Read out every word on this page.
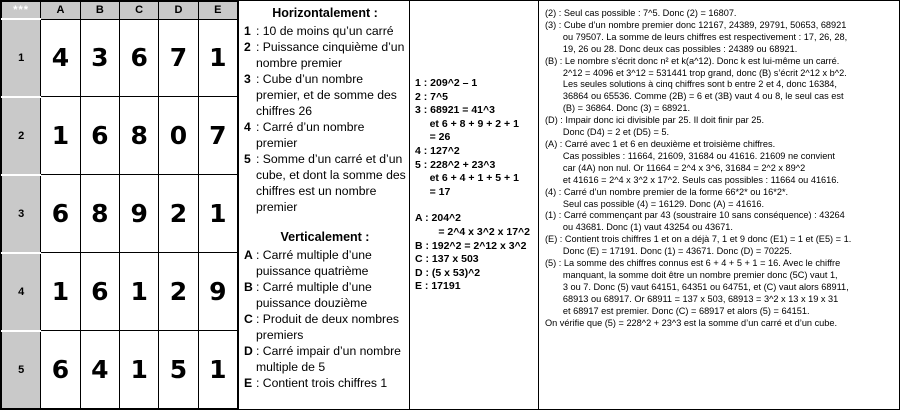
***	A	B	C	D	E
1	4	3	6	7	1
2	1	6	8	0	7
3	6	8	9	2	1
4	1	6	1	2	9
5	6	4	1	5	1
Horizontalement :
1 : 10 de moins qu’un carré
2 : Puissance cinquième d’un nombre premier
3 : Cube d’un nombre premier, et de somme des chiffres 26
4 : Carré d’un nombre premier
5 : Somme d’un carré et d’un cube, et dont la somme des chiffres est un nombre premier
Verticalement :
A : Carré multiple d’une puissance quatrième
B : Carré multiple d’une puissance douzième
C : Produit de deux nombres premiers
D : Carré impair d’un nombre multiple de 5
E : Contient trois chiffres 1
1 : 209^2 – 1
2 : 7^5
3 : 68921 = 41^3
et 6 + 8 + 9 + 2 + 1
= 26
4 : 127^2
5 : 228^2 + 23^3
et 6 + 4 + 1 + 5 + 1
= 17
A : 204^2
= 2^4 x 3^2 x 17^2
B : 192^2 = 2^12 x 3^2
C : 137 x 503
D : (5 x 53)^2
E : 17191
(2) : Seul cas possible : 7^5. Donc (2) = 16807.
(3) : Cube d’un nombre premier donc 12167, 24389, 29791, 50653, 68921
ou 79507. La somme de leurs chiffres est respectivement : 17, 26, 28,
19, 26 ou 28. Donc deux cas possibles : 24389 ou 68921.
(B) : Le nombre s’écrit donc n² et k(a^12). Donc k est lui-même un carré.
2^12 = 4096 et 3^12 = 531441 trop grand, donc (B) s’écrit 2^12 x b^2.
Les seules solutions à cinq chiffres sont b entre 2 et 4, donc 16384,
36864 ou 65536. Comme (2B) = 6 et (3B) vaut 4 ou 8, le seul cas est
(B) = 36864. Donc (3) = 68921.
(D) : Impair donc ici divisible par 25. Il doit finir par 25.
Donc (D4) = 2 et (D5) = 5.
(A) : Carré avec 1 et 6 en deuxième et troisième chiffres.
Cas possibles : 11664, 21609, 31684 ou 41616. 21609 ne convient
car (4A) non nul. Or 11664 = 2^4 x 3^6, 31684 = 2^2 x 89^2
et 41616 = 2^4 x 3^2 x 17^2. Seuls cas possibles : 11664 ou 41616.
(4) : Carré d’un nombre premier de la forme 66*2* ou 16*2*.
Seul cas possible (4) = 16129. Donc (A) = 41616.
(1) : Carré commençant par 43 (soustraire 10 sans conséquence) : 43264
ou 43681. Donc (1) vaut 43254 ou 43671.
(E) : Contient trois chiffres 1 et on a déjà 7, 1 et 9 donc (E1) = 1 et (E5) = 1.
Donc (E) = 17191. Donc (1) = 43671. Donc (D) = 70225.
(5) : La somme des chiffres connus est 6 + 4 + 5 + 1 = 16. Avec le chiffre
manquant, la somme doit être un nombre premier donc (5C) vaut 1,
3 ou 7. Donc (5) vaut 64151, 64351 ou 64751, et (C) vaut alors 68911,
68913 ou 68917. Or 68911 = 137 x 503, 68913 = 3^2 x 13 x 19 x 31
et 68917 est premier. Donc (C) = 68917 et alors (5) = 64151.
On vérifie que (5) = 228^2 + 23^3 est la somme d’un carré et d’un cube.
